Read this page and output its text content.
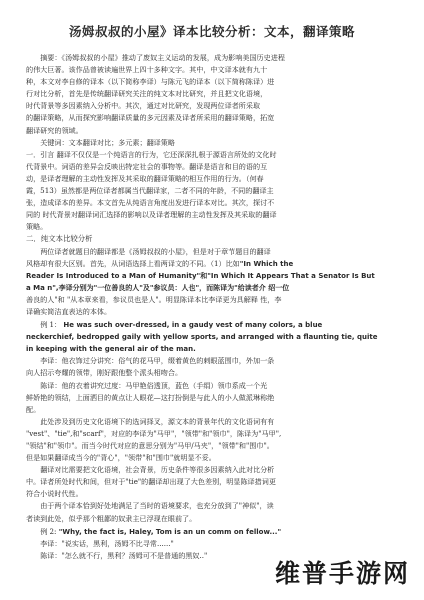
汤姆叔叔的小屋》译本比较分析：文本，翻译策略

摘要：《汤姆叔叔的小屋》推动了废奴主义运动的发展，成为影响美国历史进程

的伟大巨著。该作品曾被读遍世界上四十多种文字。其中，中文译本就有九十

种，本文对李自修的译本（以下简称李译）与陈元飞的译本（以下简称陈译）进

行对比分析，首先是传统翻译研究关注的纯文本对比研究，并且把文化语境，

时代背景等多因素纳入分析中。其次，通过对比研究，发现两位译者所采取

的翻译策略，从而探究影响翻译质量的多元因素及译者所采用的翻译策略，拓宽

翻译研究的领域。

关键词：文本翻译对比；多元素；翻译策略

一．引言 翻译不仅仅是一个纯语言的行为，它还深深扎根于源语言所处的文化时

代背景中。词语的差异会反映出特定社会的事物等。翻译是语言和目的语的互

动，是译者理解的主动性发挥及其采取的翻译策略的相互作用的行为。（何春

霞，513）虽然都是两位译者都属当代翻译家，二者不同的年龄，不同的翻译主

张，造成译本的差异。本文首先从纯语言角度出发进行译本对比。其次，探讨不

同的 时代背景对翻译词汇选择的影响以及译者理解的主动性发挥及其采取的翻译

策略。

二．纯文本比较分析

两位译者就题目的翻译都是《汤姆叔叔的小屋》，但是对于章节题目的翻译

风格却有很大区别。首先，从词语选择上看两译文的不同。（1）比如"In Which the

Reader Is Introduced to a Man of Humanity"和"In Which It Appears That a Senator Is But

a Ma n",李译分别为"一位善良的人"及"参议员：人也"，而陈译为"给读者介 绍一位

善良的人"和 "从本章来看，参议员也是人"。明显陈译本比李译更为具解释 性，李

译确实简洁直表达的本体。

例 1： He was such over-dressed, in a gaudy vest of many colors, a blue

neckerchief, bedropped gaily with yellow sports, and arranged with a flaunting tie, quite

in keeping with the general air of the man.

李译：他衣饰过分讲究：俗气的花马甲，缀着黄色的刺眼蓝围巾，外加一条

向人招示夸耀的领带，刚好跟他整个派头相吻合。

陈译：他的衣着讲究过度：马甲艳俗透顶，蓝色（手绢）领巾系成一个光

鲜娇艳的领结，上面洒目的黄点让人眼花—这打扮倒是与此人的小人做派琳称绝

配。

此处涉及到历史文化语境下的选词择叉，源文本的背景年代的文化语词有有

"vest"、"tie",和"scarf"，对应的李译为"马甲"，"领带"和"领巾"，陈译为"马甲",

"领结"和"领巾"。而当今时代对应的意思分别为"马甲/马夹"，"领带"和"围巾"。

但是如果翻译成当今的"背心"，"领带"和"围巾"就明显不妥。

翻译对比需要把文化语境，社会背景，历史条件等很多因素纳入此对比分析

中。译者所处时代和间，但对于"tie"的翻译却出现了大色差别，明显陈译措词更

符合小说时代性。

由于两个译本恰到好处地满足了当时的语境要求，也充分放到了"神似"，读

者读到此处，似乎那个粗鄙的奴隶主已浮现在眼前了。

例 2: "Why, the fact is, Haley, Tom is an un comm on fellow..."

李译："说实话，黑利，汤姆不比寻常......"

陈译："怎么就不行，黑利？汤姆可不是普通的黑奴.."

维普手游网
